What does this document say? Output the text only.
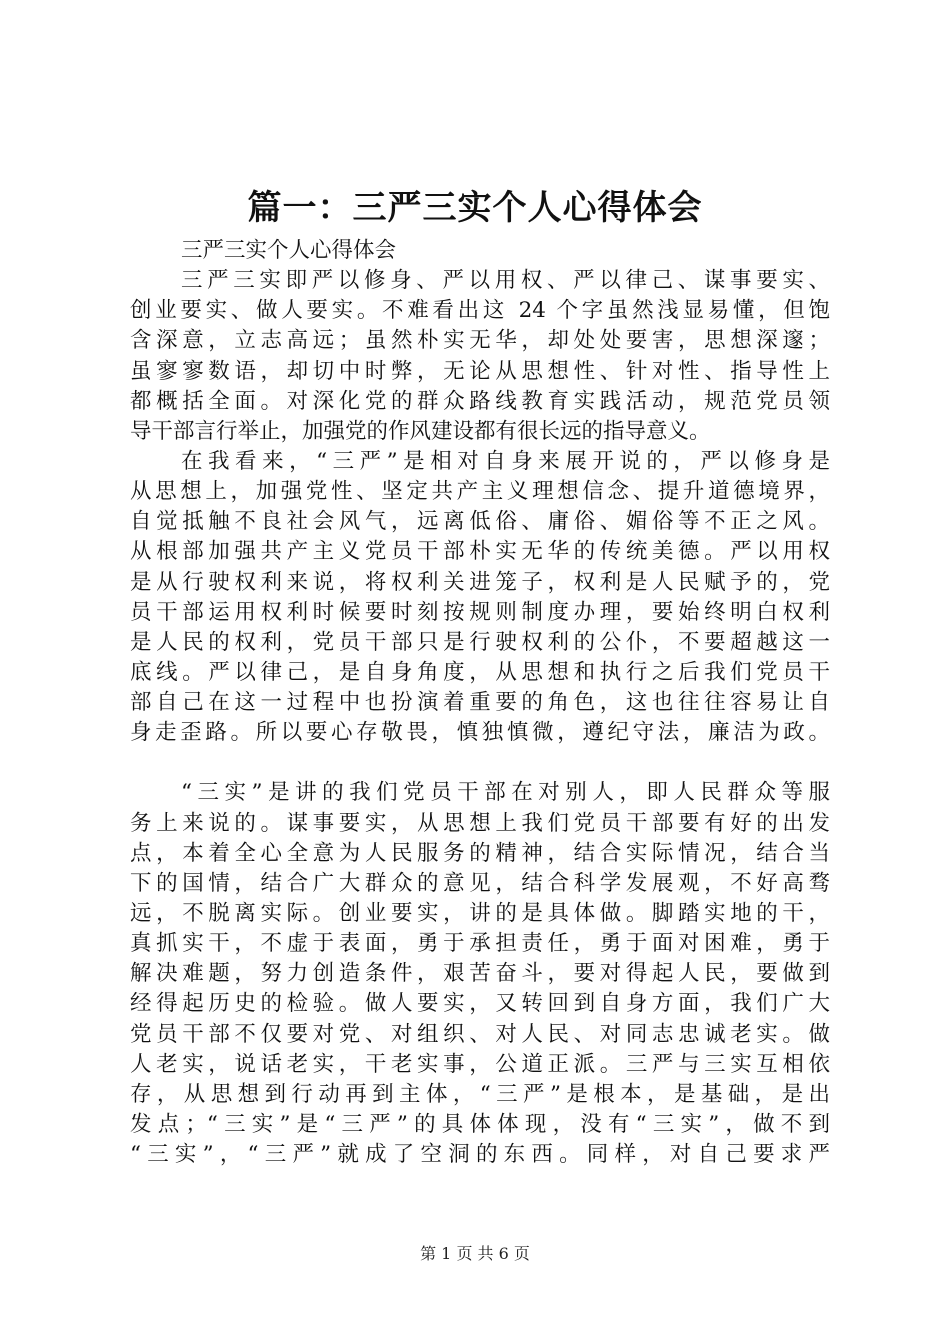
篇一：三严三实个人心得体会
三严三实个人心得体会
三严三实即严以修身、严以用权、严以律己、谋事要实、
创业要实、做人要实。不难看出这 24 个字虽然浅显易懂，但饱
含深意，立志高远；虽然朴实无华，却处处要害，思想深邃；
虽寥寥数语，却切中时弊，无论从思想性、针对性、指导性上
都概括全面。对深化党的群众路线教育实践活动，规范党员领
导干部言行举止，加强党的作风建设都有很长远的指导意义。
在我看来，“三严”是相对自身来展开说的，严以修身是
从思想上，加强党性、坚定共产主义理想信念、提升道德境界，
自觉抵触不良社会风气，远离低俗、庸俗、媚俗等不正之风。
从根部加强共产主义党员干部朴实无华的传统美德。严以用权
是从行驶权利来说，将权利关进笼子，权利是人民赋予的，党
员干部运用权利时候要时刻按规则制度办理，要始终明白权利
是人民的权利，党员干部只是行驶权利的公仆，不要超越这一
底线。严以律己，是自身角度，从思想和执行之后我们党员干
部自己在这一过程中也扮演着重要的角色，这也往往容易让自
身走歪路。所以要心存敬畏，慎独慎微，遵纪守法，廉洁为政。
“三实”是讲的我们党员干部在对别人，即人民群众等服
务上来说的。谋事要实，从思想上我们党员干部要有好的出发
点，本着全心全意为人民服务的精神，结合实际情况，结合当
下的国情，结合广大群众的意见，结合科学发展观，不好高骛
远，不脱离实际。创业要实，讲的是具体做。脚踏实地的干，
真抓实干，不虚于表面，勇于承担责任，勇于面对困难，勇于
解决难题，努力创造条件，艰苦奋斗，要对得起人民，要做到
经得起历史的检验。做人要实，又转回到自身方面，我们广大
党员干部不仅要对党、对组织、对人民、对同志忠诚老实。做
人老实，说话老实，干老实事，公道正派。三严与三实互相依
存，从思想到行动再到主体，“三严”是根本，是基础，是出
发点；“三实”是“三严”的具体体现，没有“三实”，做不到
“三实”，“三严”就成了空洞的东西。同样，对自己要求严
第 1 页 共 6 页
